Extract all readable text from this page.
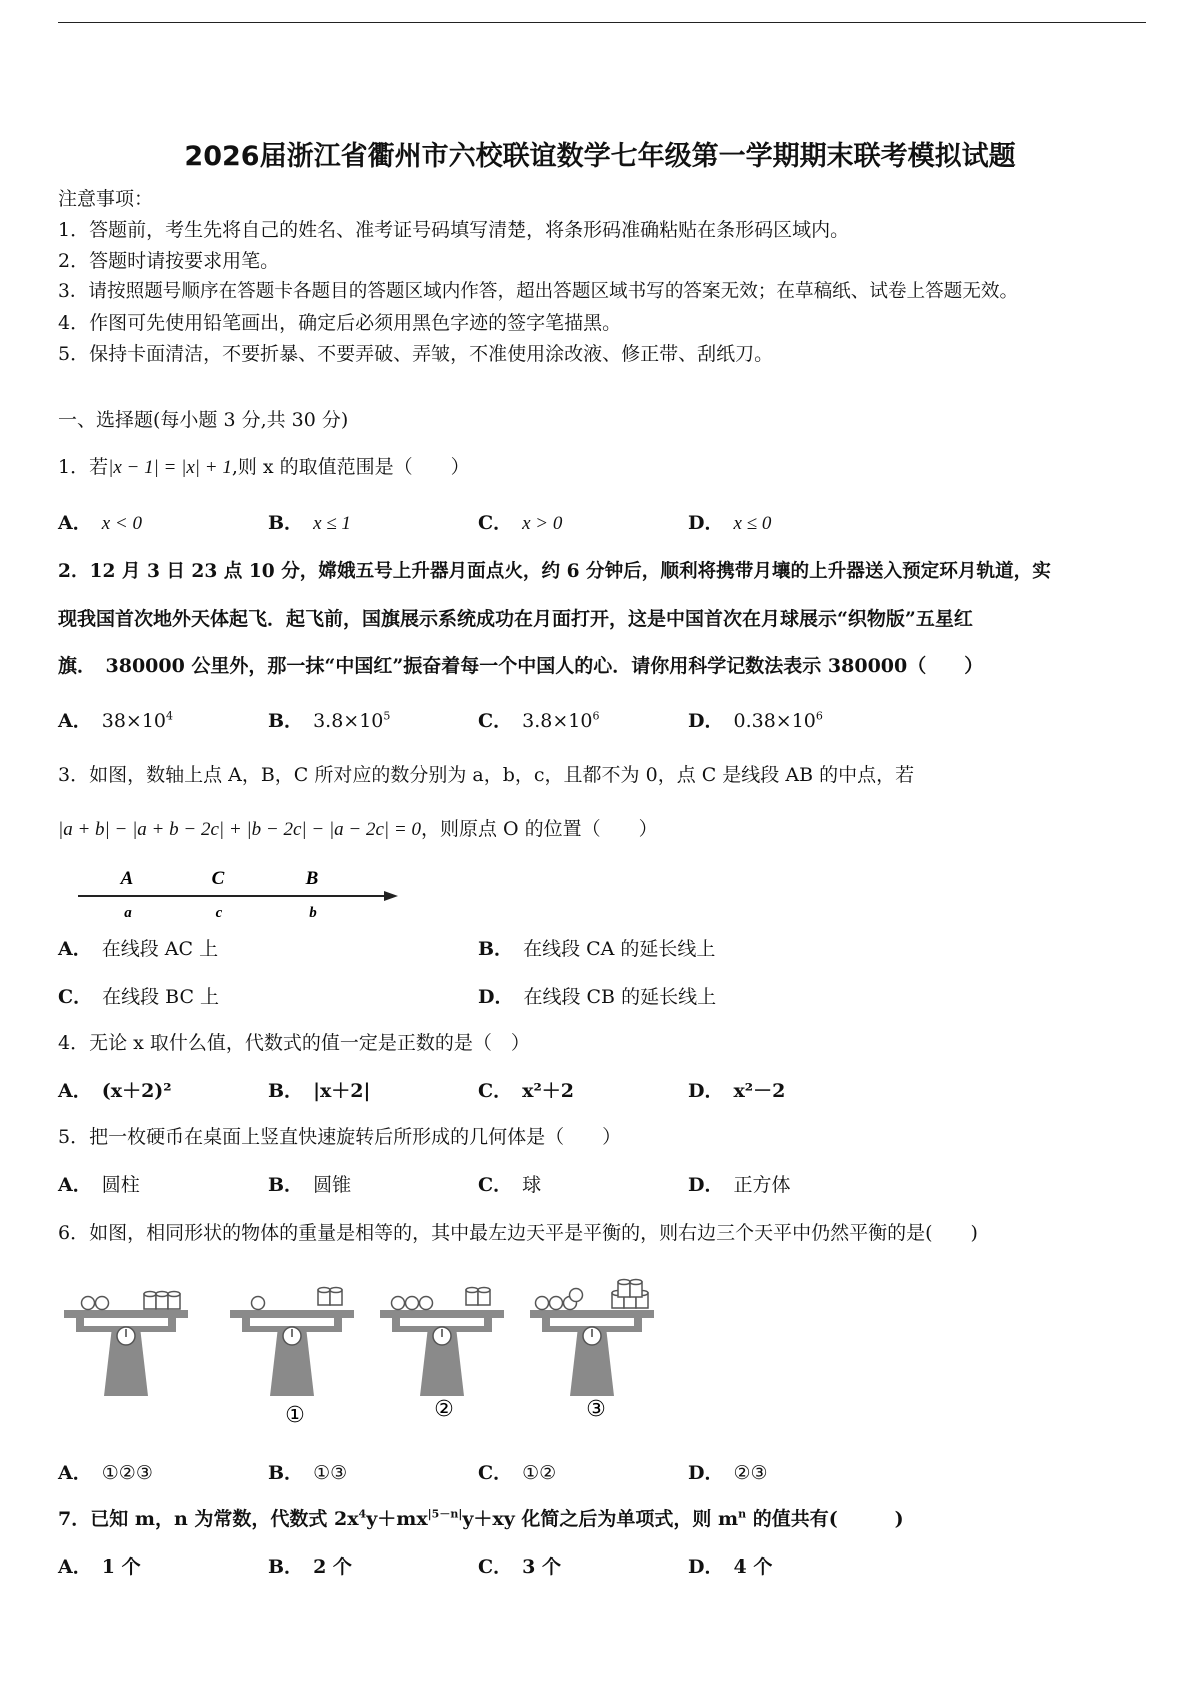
2026届浙江省衢州市六校联谊数学七年级第一学期期末联考模拟试题
注意事项：
1．答题前，考生先将自己的姓名、准考证号码填写清楚，将条形码准确粘贴在条形码区域内。
2．答题时请按要求用笔。
3．请按照题号顺序在答题卡各题目的答题区域内作答，超出答题区域书写的答案无效；在草稿纸、试卷上答题无效。
4．作图可先使用铅笔画出，确定后必须用黑色字迹的签字笔描黑。
5．保持卡面清洁，不要折暴、不要弄破、弄皱，不准使用涂改液、修正带、刮纸刀。
一、选择题(每小题 3 分,共 30 分)
1．若|x − 1| = |x| + 1,则 x 的取值范围是（　　）
A． x < 0	B． x ≤ 1	C． x > 0	D． x ≤ 0
2．12 月 3 日 23 点 10 分，嫦娥五号上升器月面点火，约 6 分钟后，顺利将携带月壤的上升器送入预定环月轨道，实
现我国首次地外天体起飞．起飞前，国旗展示系统成功在月面打开，这是中国首次在月球展示“织物版”五星红
旗．　380000 公里外，那一抹“中国红”振奋着每一个中国人的心．请你用科学记数法表示 380000（　　）
A． $38\times 10^4$	B． $3.8\times 10^5$	C． $3.8\times 10^6$	D． $0.38\times 10^6$
3．如图，数轴上点 A，B，C 所对应的数分别为 a，b，c，且都不为 0，点 C 是线段 AB 的中点，若
|a + b| − |a + b − 2c| + |b − 2c| − |a − 2c| = 0，则原点 O 的位置（　　）
A	C	B
a	c	b
A． 在线段 AC 上	B． 在线段 CA 的延长线上
C． 在线段 BC 上	D． 在线段 CB 的延长线上
4．无论 x 取什么值，代数式的值一定是正数的是（　）
A． (x＋2)²	B． |x＋2|	C． x²＋2	D． x²－2
5．把一枚硬币在桌面上竖直快速旋转后所形成的几何体是（　　）
A． 圆柱	B． 圆锥	C． 球	D． 正方体
6．如图，相同形状的物体的重量是相等的，其中最左边天平是平衡的，则右边三个天平中仍然平衡的是(　　)
①	②	③
A． ①②③	B． ①③	C． ①②	D． ②③
7．已知 m，n 为常数，代数式 $2x^4y+mx^{|5-n|}y+xy$ 化简之后为单项式，则 $m^n$ 的值共有(　　　)
A． 1 个	B． 2 个	C． 3 个	D． 4 个
